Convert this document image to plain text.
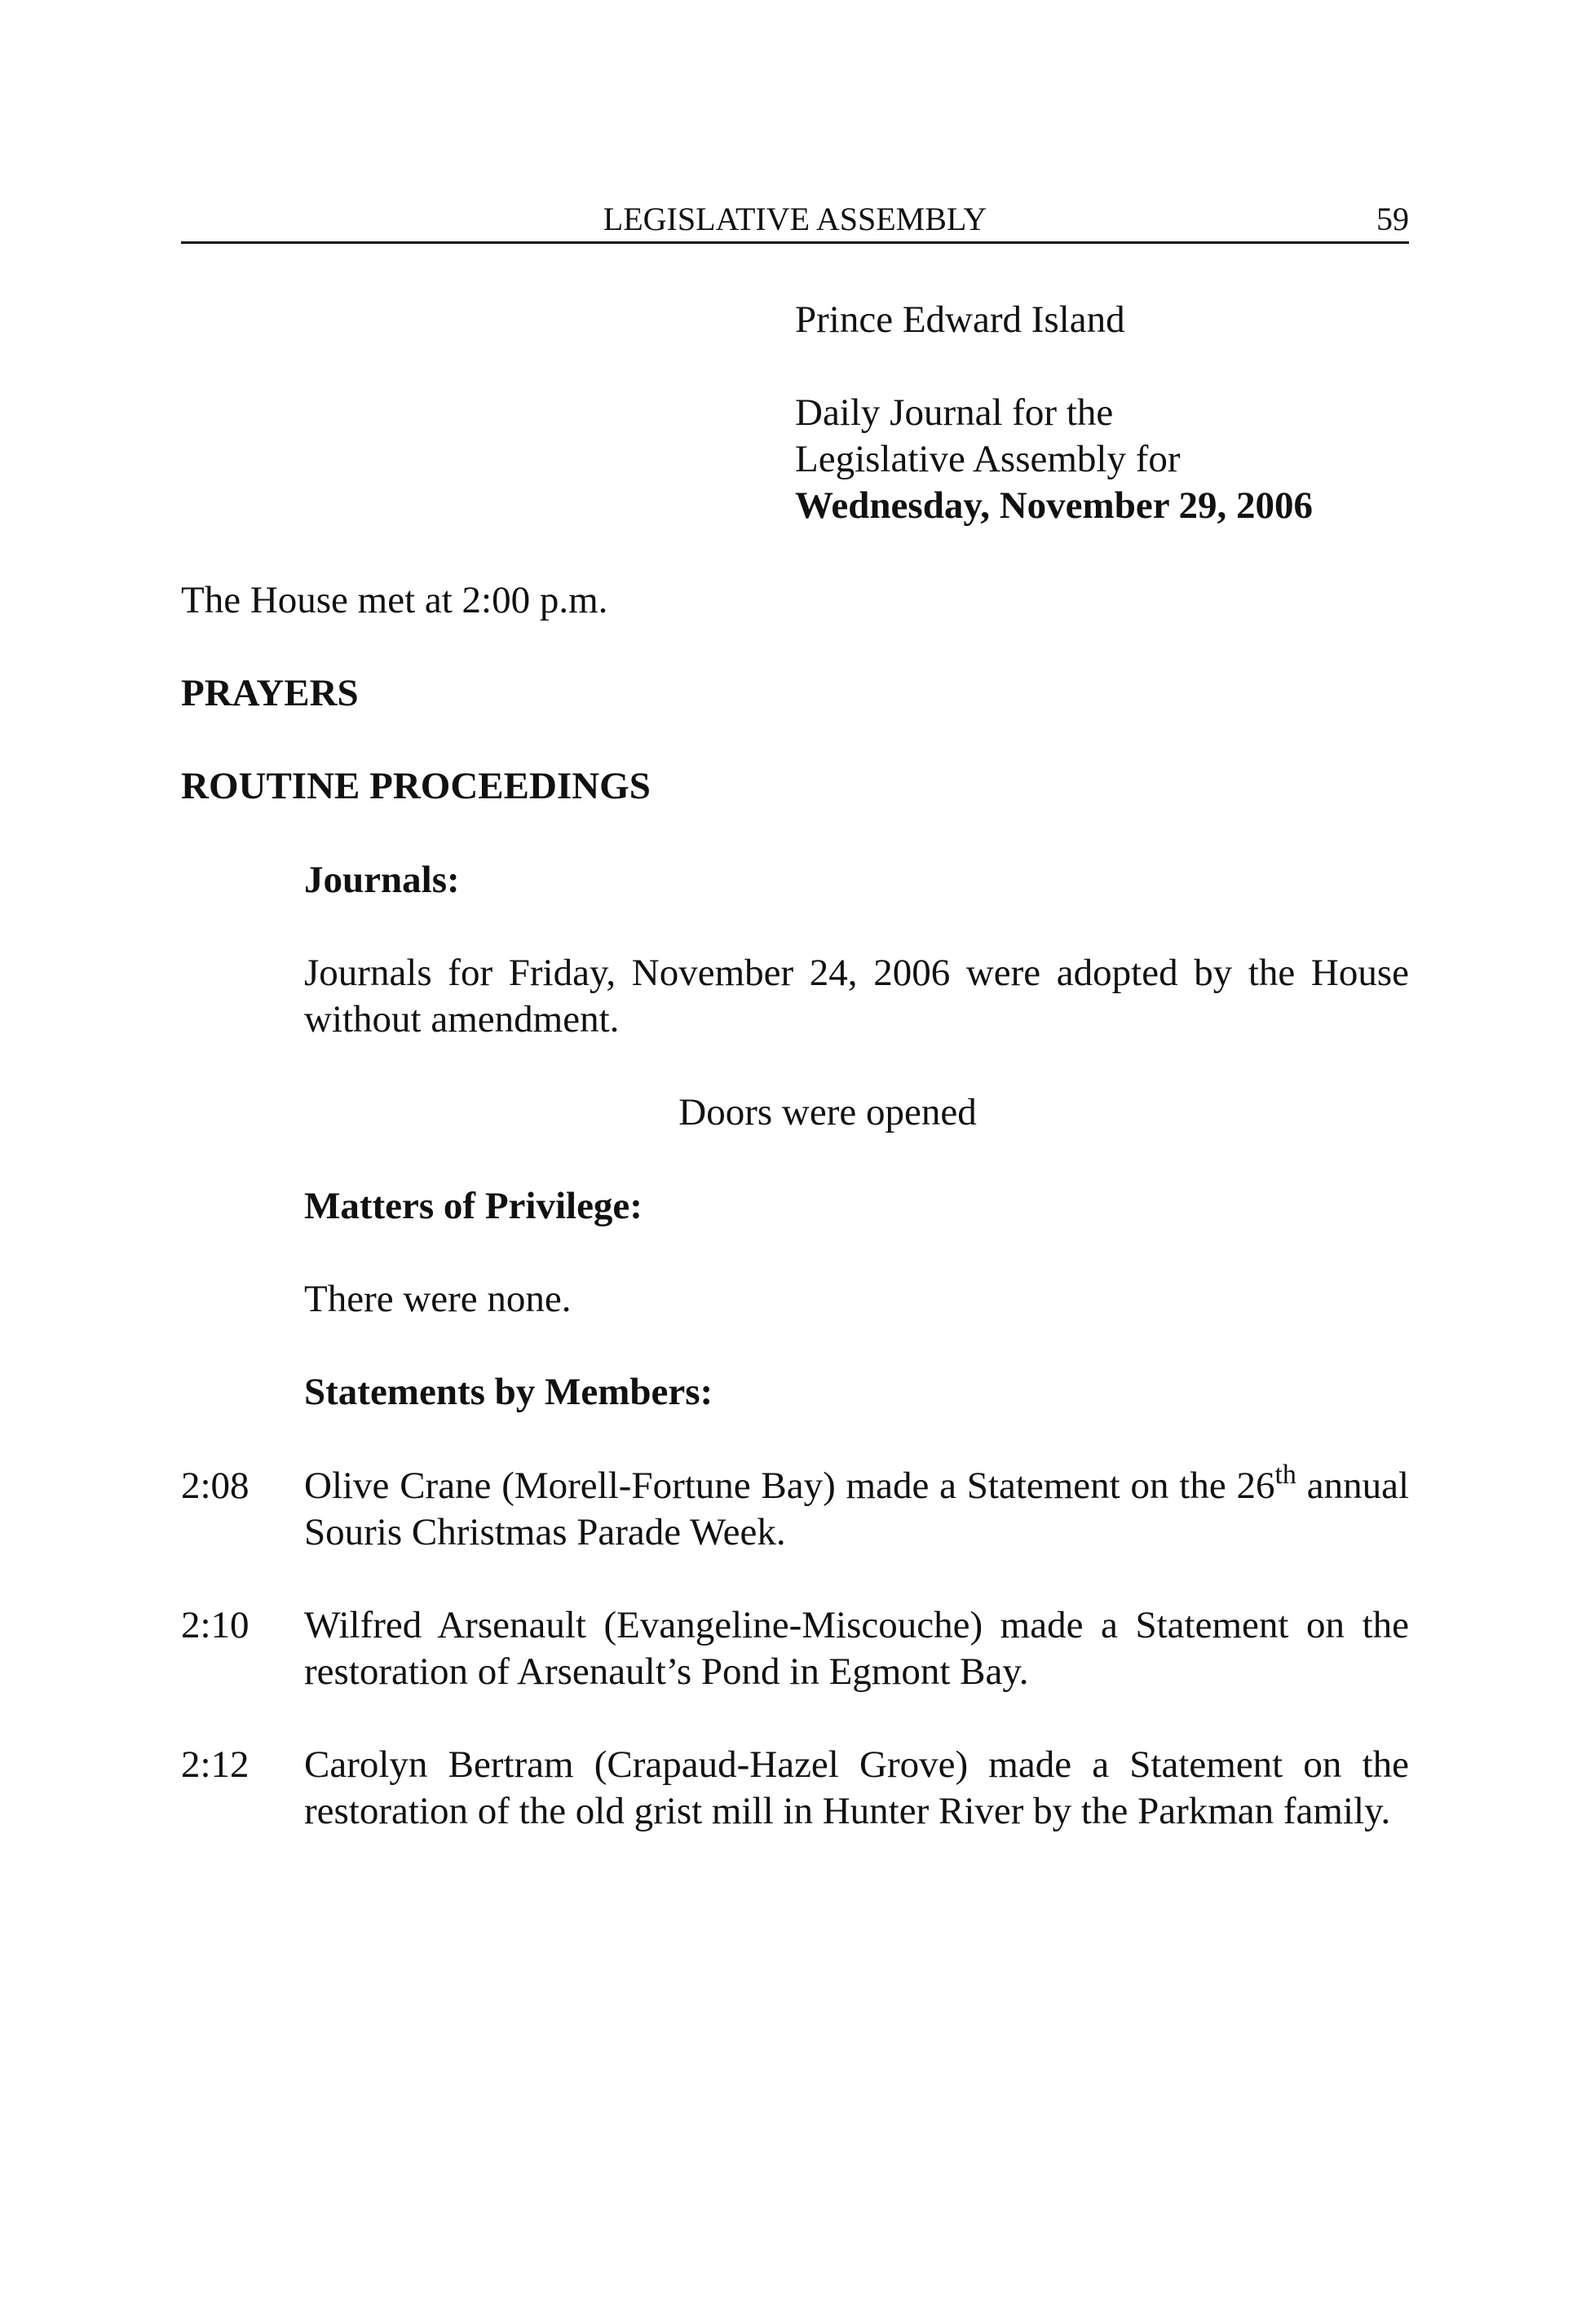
LEGISLATIVE ASSEMBLY	59

Prince Edward Island

Daily Journal for the

Legislative Assembly for

Wednesday, November 29, 2006

The House met at 2:00 p.m.

PRAYERS

ROUTINE PROCEEDINGS

Journals:

Journals for Friday, November 24, 2006 were adopted by the House without amendment.

Doors were opened

Matters of Privilege:

There were none.

Statements by Members:

2:08 Olive Crane (Morell-Fortune Bay) made a Statement on the 26th annual Souris Christmas Parade Week.

2:10 Wilfred Arsenault (Evangeline-Miscouche) made a Statement on the restoration of Arsenault’s Pond in Egmont Bay.

2:12 Carolyn Bertram (Crapaud-Hazel Grove) made a Statement on the restoration of the old grist mill in Hunter River by the Parkman family.
